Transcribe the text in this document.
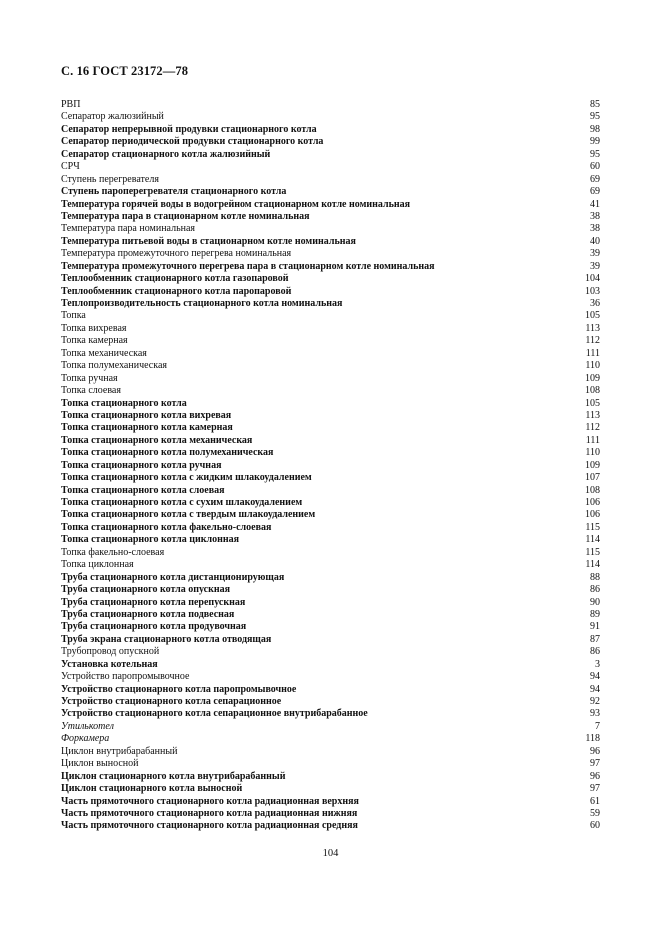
С. 16 ГОСТ 23172—78
РВП	85
Сепаратор жалюзийный	95
Сепаратор непрерывной продувки стационарного котла	98
Сепаратор периодической продувки стационарного котла	99
Сепаратор стационарного котла жалюзийный	95
СРЧ	60
Ступень перегревателя	69
Ступень пароперегревателя стационарного котла	69
Температура горячей воды в водогрейном стационарном котле номинальная	41
Температура пара в стационарном котле номинальная	38
Температура пара номинальная	38
Температура питьевой воды в стационарном котле номинальная	40
Температура промежуточного перегрева номинальная	39
Температура промежуточного перегрева пара в стационарном котле номинальная	39
Теплообменник стационарного котла газопаровой	104
Теплообменник стационарного котла паропаровой	103
Теплопроизводительность стационарного котла номинальная	36
Топка	105
Топка вихревая	113
Топка камерная	112
Топка механическая	111
Топка полумеханическая	110
Топка ручная	109
Топка слоевая	108
Топка стационарного котла	105
Топка стационарного котла вихревая	113
Топка стационарного котла камерная	112
Топка стационарного котла механическая	111
Топка стационарного котла полумеханическая	110
Топка стационарного котла ручная	109
Топка стационарного котла с жидким шлакоудалением	107
Топка стационарного котла слоевая	108
Топка стационарного котла с сухим шлакоудалением	106
Топка стационарного котла с твердым шлакоудалением	106
Топка стационарного котла факельно-слоевая	115
Топка стационарного котла циклонная	114
Топка факельно-слоевая	115
Топка циклонная	114
Труба стационарного котла дистанционирующая	88
Труба стационарного котла опускная	86
Труба стационарного котла перепускная	90
Труба стационарного котла подвесная	89
Труба стационарного котла продувочная	91
Труба экрана стационарного котла отводящая	87
Трубопровод опускной	86
Установка котельная	3
Устройство паропромывочное	94
Устройство стационарного котла паропромывочное	94
Устройство стационарного котла сепарационное	92
Устройство стационарного котла сепарационное внутрибарабанное	93
Утилькотел	7
Форкамера	118
Циклон внутрибарабанный	96
Циклон выносной	97
Циклон стационарного котла внутрибарабанный	96
Циклон стационарного котла выносной	97
Часть прямоточного стационарного котла радиационная верхняя	61
Часть прямоточного стационарного котла радиационная нижняя	59
Часть прямоточного стационарного котла радиационная средняя	60
104
